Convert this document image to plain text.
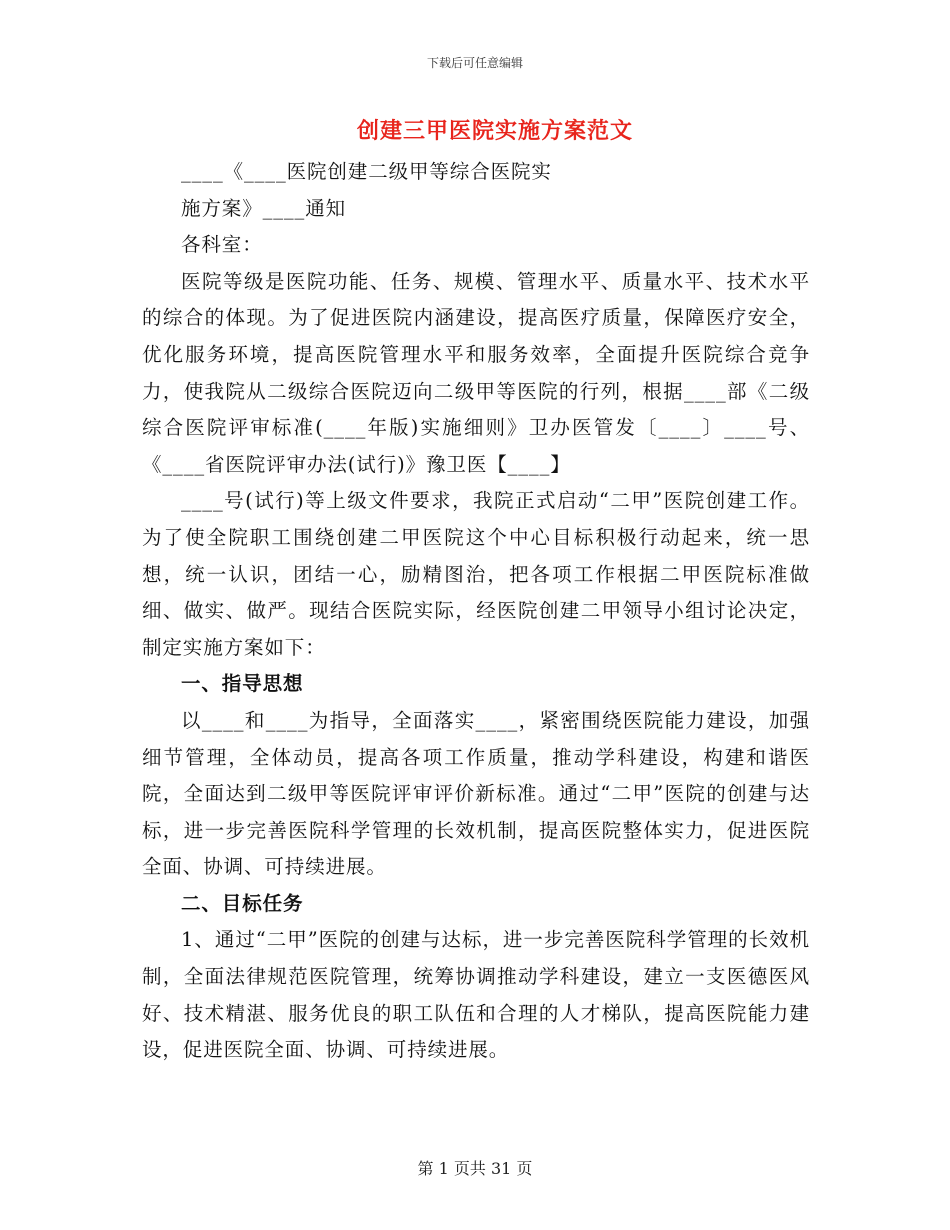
下载后可任意编辑
创建三甲医院实施方案范文

____《____医院创建二级甲等综合医院实

施方案》____通知

各科室：

医院等级是医院功能、任务、规模、管理水平、质量水平、技术水平的综合的体现。为了促进医院内涵建设，提高医疗质量，保障医疗安全，优化服务环境，提高医院管理水平和服务效率，全面提升医院综合竞争力，使我院从二级综合医院迈向二级甲等医院的行列，根据____部《二级综合医院评审标准(____年版)实施细则》卫办医管发〔____〕____号、《____省医院评审办法(试行)》豫卫医【____】

____号(试行)等上级文件要求，我院正式启动“二甲”医院创建工作。为了使全院职工围绕创建二甲医院这个中心目标积极行动起来，统一思想，统一认识，团结一心，励精图治，把各项工作根据二甲医院标准做细、做实、做严。现结合医院实际，经医院创建二甲领导小组讨论决定，制定实施方案如下：

一、指导思想

以____和____为指导，全面落实____，紧密围绕医院能力建设，加强细节管理，全体动员，提高各项工作质量，推动学科建设，构建和谐医院，全面达到二级甲等医院评审评价新标准。通过“二甲”医院的创建与达标，进一步完善医院科学管理的长效机制，提高医院整体实力，促进医院全面、协调、可持续进展。

二、目标任务

1、通过“二甲”医院的创建与达标，进一步完善医院科学管理的长效机制，全面法律规范医院管理，统筹协调推动学科建设，建立一支医德医风好、技术精湛、服务优良的职工队伍和合理的人才梯队，提高医院能力建设，促进医院全面、协调、可持续进展。

第 1 页共 31 页
